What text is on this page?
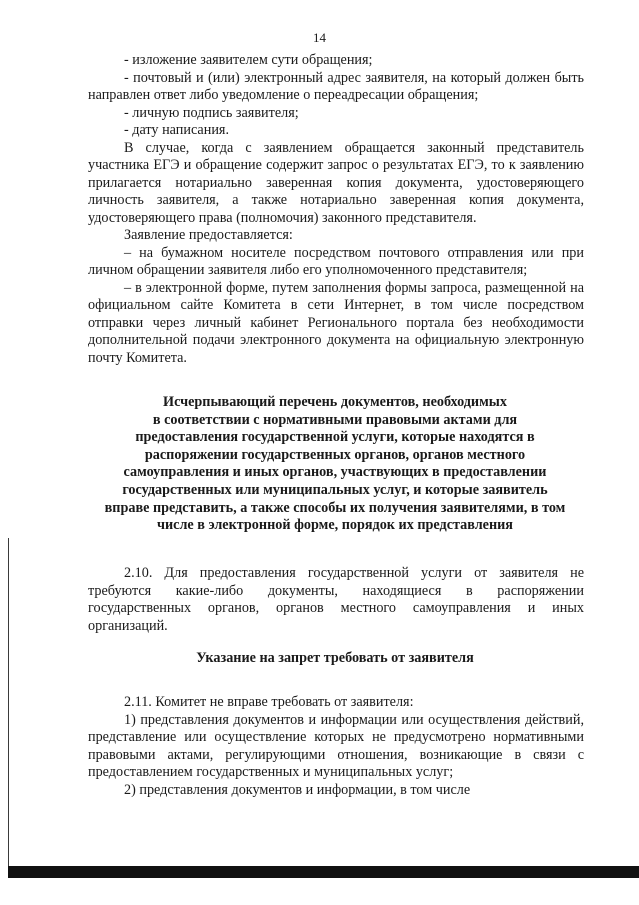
14

- изложение заявителем сути обращения;

- почтовый и (или) электронный адрес заявителя, на который должен быть направлен ответ либо уведомление о переадресации обращения;

- личную подпись заявителя;

- дату написания.

В случае, когда с заявлением обращается законный представитель участника ЕГЭ и обращение содержит запрос о результатах ЕГЭ, то к заявлению прилагается нотариально заверенная копия документа, удостоверяющего личность заявителя, а также нотариально заверенная копия документа, удостоверяющего права (полномочия) законного представителя.

Заявление предоставляется:

– на бумажном носителе посредством почтового отправления или при личном обращении заявителя либо его уполномоченного представителя;

– в электронной форме, путем заполнения формы запроса, размещенной на официальном сайте Комитета в сети Интернет, в том числе посредством отправки через личный кабинет Регионального портала без необходимости дополнительной подачи электронного документа на официальную электронную почту Комитета.

Исчерпывающий перечень документов, необходимых
в соответствии с нормативными правовыми актами для
предоставления государственной услуги, которые находятся в
распоряжении государственных органов, органов местного
самоуправления и иных органов, участвующих в предоставлении
государственных или муниципальных услуг, и которые заявитель
вправе представить, а также способы их получения заявителями, в том
числе в электронной форме, порядок их представления

2.10. Для предоставления государственной услуги от заявителя не требуются какие-либо документы, находящиеся в распоряжении государственных органов, органов местного самоуправления и иных организаций.

Указание на запрет требовать от заявителя

2.11. Комитет не вправе требовать от заявителя:

1) представления документов и информации или осуществления действий, представление или осуществление которых не предусмотрено нормативными правовыми актами, регулирующими отношения, возникающие в связи с предоставлением государственных и муниципальных услуг;

2) представления документов и информации, в том числе
